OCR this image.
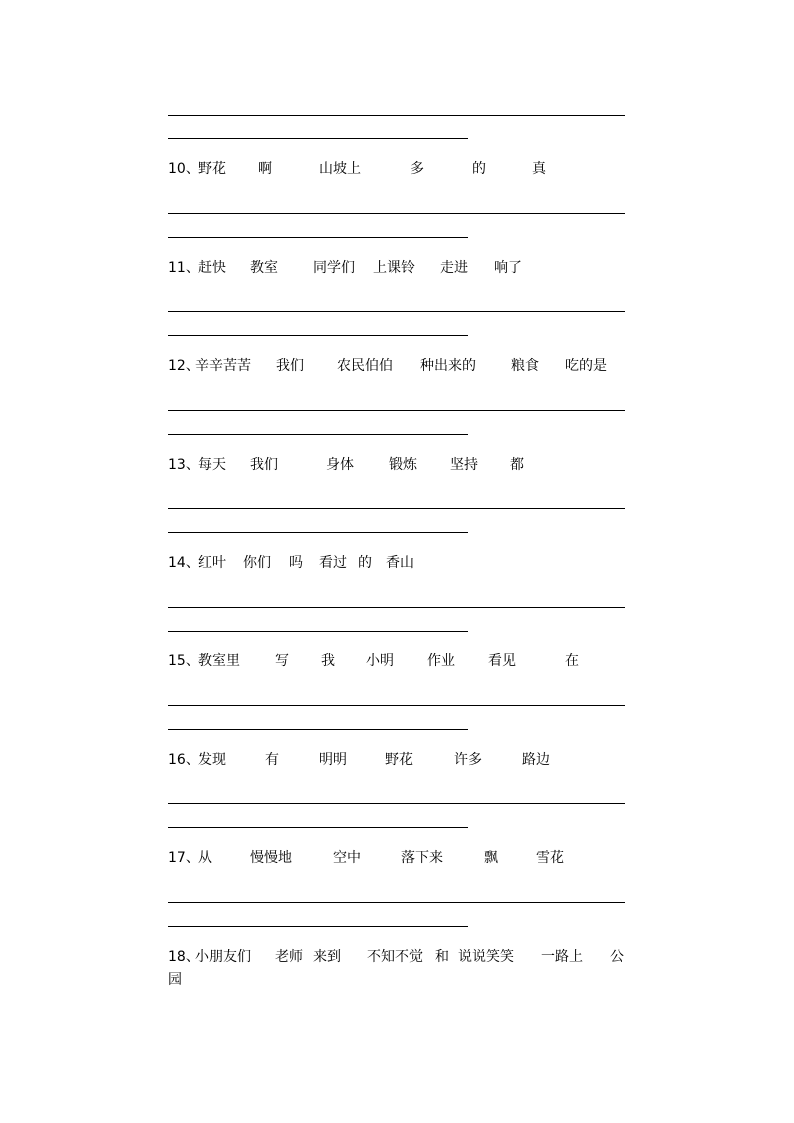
10、
野花 啊	山坡上	多	的	真
11、
赶快 教室	同学们 上课铃 走进 响了
12、
辛辛苦苦 我们 农民伯伯 种出来的	粮食 吃的是
13、
每天 我们	身体	锻炼 坚持 都
14、
红叶 你们 吗 看过 的 香山
15、
教室里	写 我 小明 作业 看见	在
16、
发现	有	明明	野花	许多	路边
17、
从	慢慢地	空中	落下来	飘	雪花
18、
小朋友们 老师 来到 不知不觉 和 说说笑笑 一路上 公
园
